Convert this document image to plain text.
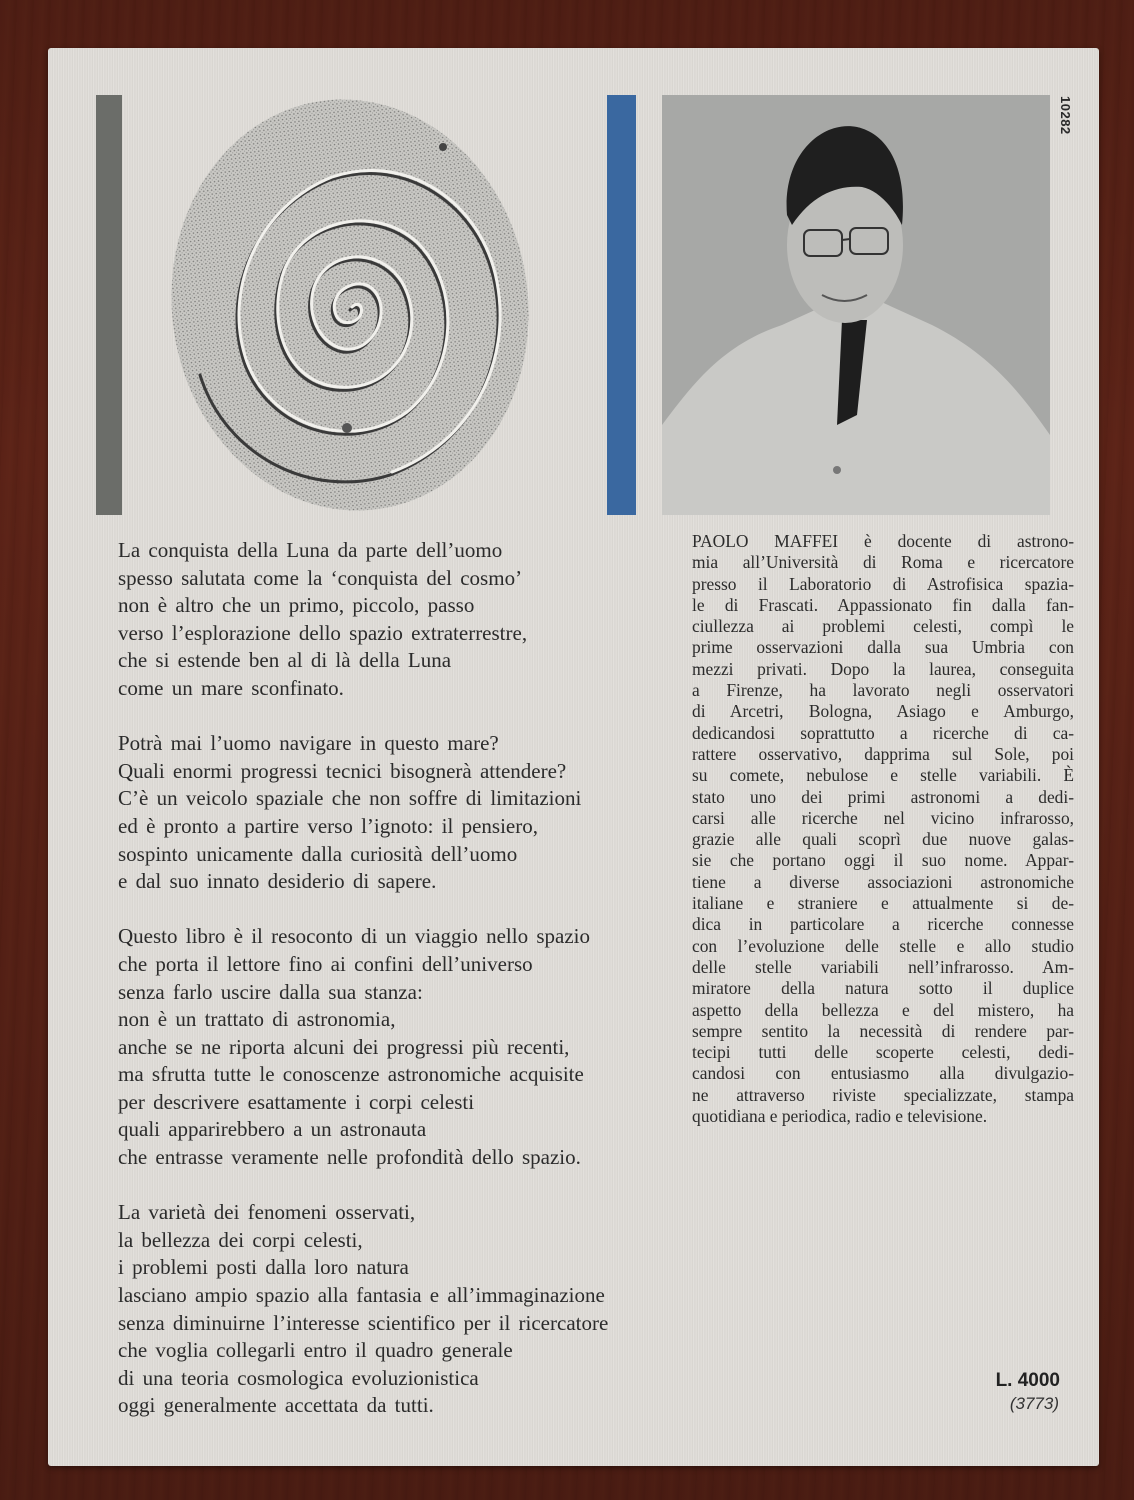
10282
La conquista della Luna da parte dell’uomo
spesso salutata come la ‘conquista del cosmo’
non è altro che un primo, piccolo, passo
verso l’esplorazione dello spazio extraterrestre,
che si estende ben al di là della Luna
come un mare sconfinato.
Potrà mai l’uomo navigare in questo mare?
Quali enormi progressi tecnici bisognerà attendere?
C’è un veicolo spaziale che non soffre di limitazioni
ed è pronto a partire verso l’ignoto: il pensiero,
sospinto unicamente dalla curiosità dell’uomo
e dal suo innato desiderio di sapere.
Questo libro è il resoconto di un viaggio nello spazio
che porta il lettore fino ai confini dell’universo
senza farlo uscire dalla sua stanza:
non è un trattato di astronomia,
anche se ne riporta alcuni dei progressi più recenti,
ma sfrutta tutte le conoscenze astronomiche acquisite
per descrivere esattamente i corpi celesti
quali apparirebbero a un astronauta
che entrasse veramente nelle profondità dello spazio.
La varietà dei fenomeni osservati,
la bellezza dei corpi celesti,
i problemi posti dalla loro natura
lasciano ampio spazio alla fantasia e all’immaginazione
senza diminuirne l’interesse scientifico per il ricercatore
che voglia collegarli entro il quadro generale
di una teoria cosmologica evoluzionistica
oggi generalmente accettata da tutti.
PAOLO MAFFEI è docente di astrono-
mia all’Università di Roma e ricercatore
presso il Laboratorio di Astrofisica spazia-
le di Frascati. Appassionato fin dalla fan-
ciullezza ai problemi celesti, compì le
prime osservazioni dalla sua Umbria con
mezzi privati. Dopo la laurea, conseguita
a Firenze, ha lavorato negli osservatori
di Arcetri, Bologna, Asiago e Amburgo,
dedicandosi soprattutto a ricerche di ca-
rattere osservativo, dapprima sul Sole, poi
su comete, nebulose e stelle variabili. È
stato uno dei primi astronomi a dedi-
carsi alle ricerche nel vicino infrarosso,
grazie alle quali scoprì due nuove galas-
sie che portano oggi il suo nome. Appar-
tiene a diverse associazioni astronomiche
italiane e straniere e attualmente si de-
dica in particolare a ricerche connesse
con l’evoluzione delle stelle e allo studio
delle stelle variabili nell’infrarosso. Am-
miratore della natura sotto il duplice
aspetto della bellezza e del mistero, ha
sempre sentito la necessità di rendere par-
tecipi tutti delle scoperte celesti, dedi-
candosi con entusiasmo alla divulgazio-
ne attraverso riviste specializzate, stampa
quotidiana e periodica, radio e televisione.
L. 4000
(3773)
